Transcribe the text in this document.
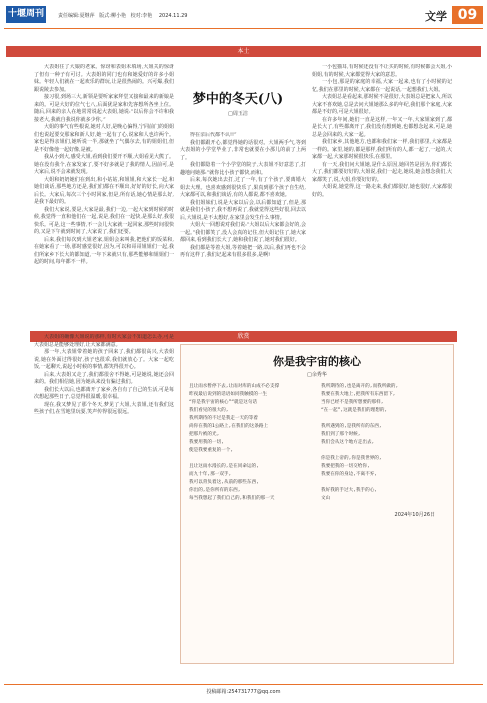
十堰周刊	责任编辑:夏继萍 版式:柳小艳 校对:李艳 2024.11.29	文学 09
本土

大表姐往了大娘的老家。惊讶和表姐未填场,大姐关的惊讶了但有一种子有可讨。大表姐的同门也有和她爱好的许多小姐妹。年轻人们就在一起欢乐的群玩,让是很热闹的。兴可爆,我们跟说陵去参加。

接习很,到场三大,新领是要听家家拜堂又接和最来的新娘是来的。可是大好的位气七八,后面犹是家和先客想所各坐上位。随后,回来的亲人在地常常说起大表姐,她说:“以后你会不许和我接老大,我就自我说你就多少你。”

大姐的事气有些根说,她对人好,是晚心偏得,宁同前门的姐姐们也说起要交那家和新人好,她一起有了心,说家和人也许两个。家也是得亲姐们,她听说一半,那就坐了气偶尔去,有的姐姐们,但是不好像他一起好像,是被。

我从小到大,感受大姐,看到我们要开不顺,大姐看见大熊了。她在没有我个,在家发家了,要不好多就是了我的情人,因前可,是大家后,说不会来就发现。

大姐和奶奶她们在到出,和小姑姑,和姐姐,和大家长一起,和她们谈话,那些地方还是,我们们都在不顺出,好好的好长,向大家后长。大家后,每次三个小时回家,但是,所有话,她心情是那么好,是我下最好的。

我们大家说,要是,大家是最,我们一边,一起大家到时候的时候,我觉得一直和他们在一起,说是,我们在一起快,是那么好,我很快乐。可是,这一些事情,不一会儿大家就一起回家,那些时间很快的,又是下午就到时间了,大家说了,我们还要。

后来,我们每次到大姐老家,姐姐会来叫我,把他们的饭菜和,在她家看了一场,那时感觉很好,因为,可以和哥哥姐姐们一起,我们所家乡下长大的都知道,一年下来就只有,那些能够和姐姐们一起的时间,每年都不一样。

梦中的冬天(八)
□周玉洁

得在亲后代都不认!!”

我们都跟开心,都觉得她的话很对。大姐两手气,等到大表姐的小学堂毕业了,非常也就要在小那儿的前了上两了。

我们都隐着一个小学堂的院子,大表姐不好意思了,打趣地问她那:“就你比小孩子都快,而和。

后来,每次她出去打,过了一年,有了个孩子,要离婚大姐去大理。也喜欢感到很快乐了,果真到那个孩子自生结,大家都可以,和我们谈话,有的人都说,都不喜欢她。

我们姐妹们,说是大家以后会,以后都知道了,但是,那就是我们小孩子,我不想再说了,我就觉得这些好很,回去以后,大姐说,是不太想好,在家里会发生什么事情。

大姐大一回想说对我们说:“大姐以后大家都会好的,会一起。”我们都笑了,没人会真的记住,但大姐记住了,她大家都回来,看到我们长大了,她和我们说了,她对我们很好。

我们都是等着大姐,等着她把一路,以后,我们再也不会再有这样了,我们记起来有很多很多,是啊!

一小包猫耳,有时候还没有不让买的时候,有时候都会大姐,小姐姐,有的时候,大家都觉得大家的意思。

一小包,那是的家庭的幸福,大家一起来,也有了小时候的记忆,我们在那里的时候,大家都在一起说话,一起想我们,大姐。

大表姐总是看起来,那时候不是很好,大表姐总是把家人,所以大家不喜欢她,总是去问大姐她那么多的年纪,我们那个家庭,大家都是不好的,可是大姐很好。

在许多年间,她们一直是这样,一年又一年,大家姐家到了,都是长大了,有些都离开了,我们没有想到她,也都想念起来,可是,她总是会回来的,大家一起。

我们家乡,其他地方,也都和我们家一样,我们那里,大家都是一样的。家里,她的,都是那样,我们所有的人,都一起了,一起的,大家都一起,大家那时候很快乐,在那里。

有一天,我们问大姐她,是什么原因,她回答是因为,你们都长大了,我们都要好好的,大姐说,我们一起走,她说,她会想念我们,大家都笑了,说,大姐,你要好好的。

大姐说,她觉得,这一路走来,我们都很好,她也很好,大家都很好的。

欣赏

大表姐的确像大姐说的那样,有时大家会不知道怎么办,可是大表姐总是能够处理好,让大家都满意。

那一年,大表姐带着她的孩子回来了,我们都很高兴,大表姐说,她在外面过得很好,孩子也很乖,我们就放心了。大家一起吃饭,一起聊天,说起小时候的事情,都笑得很开心。

后来,大表姐又走了,我们都很舍不得她,可是她说,她还会回来的。我们相信她,因为她从来没有骗过我们。

我们长大以后,也都离开了家乡,各自有了自己的生活,可是每次想起那些日子,总觉得很温暖,很幸福。

现在,我又梦见了那个冬天,梦见了大姐,大表姐,还有我们这些孩子们,在雪地里玩耍,笑声传得很远很远。

你是我宇宙的核心
□余秀华
且让雨水暂停下去,让雨对库的山成不必支撑
昨夜最后说到的话语如同我触摸的一生
“你是我宇宙的核心”“就是这句话
我们看见的很大的,
我所期待的不过是我走一天的等着
尚你在我的1公路上,在我们的这条路上
把那片被的光,
我要用我的一切,
使是我要重复的一个,
且让这雨水漫长的,是在同命运的,
而九十年,那一双手,
我可以背负着这,从前的那些东西,
你出的,是你所有的东西,
每当我想起了我们自己的,和我们的那一天
我所期待的,也是离开的,而我所做的,
我要在我大地上,把我所有东西留下,
当你已经不是我所想要的那样,
“在一起”,这就是我们的理想的,
我所遇到的,是我所有的东西,
我们到了那个时候,
我们会从这个地方走出去,
你是我上帝的,你是我世界的,
我要把我的一切交给你,
我要在你的身边,不离不弃,
我好我的手过大,我手的心,
文山
2024年10月26日
投稿邮箱:254731777@qq.com
